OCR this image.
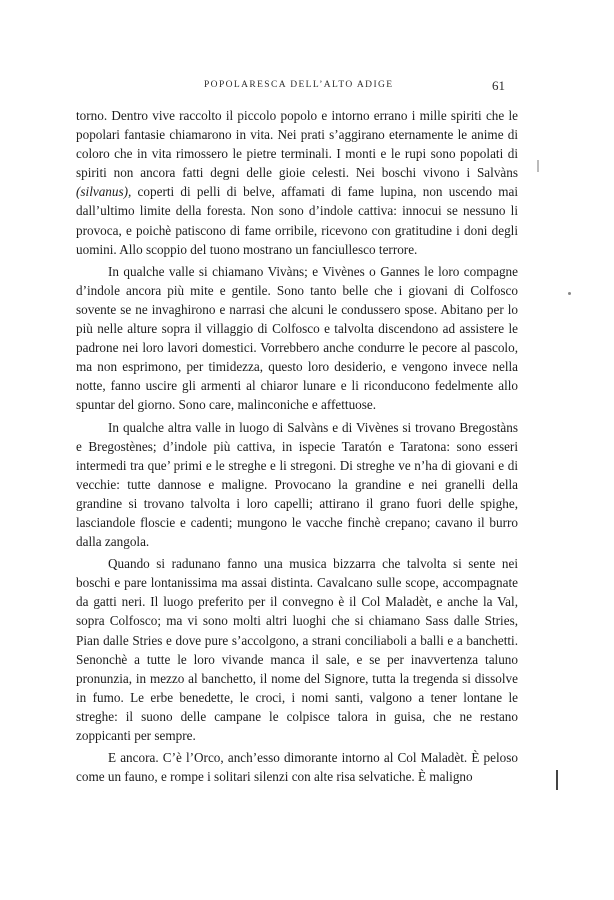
POPOLARESCA DELL’ALTO ADIGE	61

torno. Dentro vive raccolto il piccolo popolo e intorno errano i mille spiriti che le popolari fantasie chiamarono in vita. Nei prati s’aggirano eternamente le anime di coloro che in vita rimossero le pietre terminali. I monti e le rupi sono popolati di spiriti non ancora fatti degni delle gioie celesti. Nei boschi vivono i Salvàns (silvanus), coperti di pelli di belve, affamati di fame lupina, non uscendo mai dall’ultimo limite della foresta. Non sono d’indole cattiva: innocui se nessuno li provoca, e poichè patiscono di fame orribile, ricevono con gratitudine i doni degli uomini. Allo scoppio del tuono mostrano un fanciullesco terrore.

In qualche valle si chiamano Vivàns; e Vivènes o Gannes le loro compagne d’indole ancora più mite e gentile. Sono tanto belle che i giovani di Colfosco sovente se ne invaghirono e narrasi che alcuni le condussero spose. Abitano per lo più nelle alture sopra il villaggio di Colfosco e talvolta discendono ad assistere le padrone nei loro lavori domestici. Vorrebbero anche condurre le pecore al pascolo, ma non esprimono, per timidezza, questo loro desiderio, e vengono invece nella notte, fanno uscire gli armenti al chiaror lunare e li riconducono fedelmente allo spuntar del giorno. Sono care, malinconiche e affettuose.

In qualche altra valle in luogo di Salvàns e di Vivènes si trovano Bregostàns e Bregostènes; d’indole più cattiva, in ispecie Taratón e Taratona: sono esseri intermedi tra que’ primi e le streghe e li stregoni. Di streghe ve n’ha di giovani e di vecchie: tutte dannose e maligne. Provocano la grandine e nei granelli della grandine si trovano talvolta i loro capelli; attirano il grano fuori delle spighe, lasciandole floscie e cadenti; mungono le vacche finchè crepano; cavano il burro dalla zangola.

Quando si radunano fanno una musica bizzarra che talvolta si sente nei boschi e pare lontanissima ma assai distinta. Cavalcano sulle scope, accompagnate da gatti neri. Il luogo preferito per il convegno è il Col Maladèt, e anche la Val, sopra Colfosco; ma vi sono molti altri luoghi che si chiamano Sass dalle Stries, Pian dalle Stries e dove pure s’accolgono, a strani conciliaboli a balli e a banchetti. Senonchè a tutte le loro vivande manca il sale, e se per inavvertenza taluno pronunzia, in mezzo al banchetto, il nome del Signore, tutta la tregenda si dissolve in fumo. Le erbe benedette, le croci, i nomi santi, valgono a tener lontane le streghe: il suono delle campane le colpisce talora in guisa, che ne restano zoppicanti per sempre.

E ancora. C’è l’Orco, anch’esso dimorante intorno al Col Maladèt. È peloso come un fauno, e rompe i solitari silenzi con alte risa selvatiche. È maligno
